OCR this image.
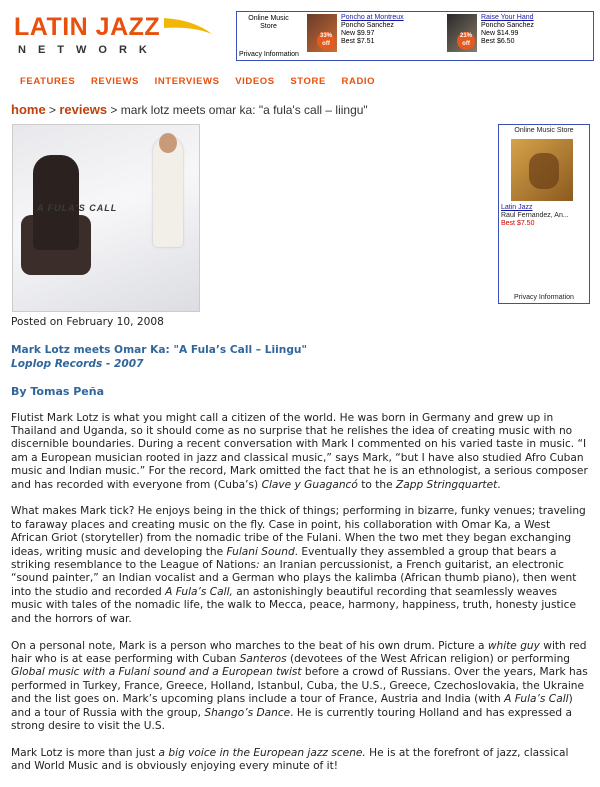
LATIN JAZZ
NETWORK
Online Music Store
33% off
Poncho at Montreux
Poncho Sanchez
New $9.97
Best $7.51
21% off
Raise Your Hand
Poncho Sanchez
New $14.99
Best $6.50
Privacy Information
FEATURES REVIEWS INTERVIEWS VIDEOS STORE RADIO
home > reviews > mark lotz meets omar ka: "a fula's call – liingu"
A FULA'S CALL
Online Music Store
Latin Jazz
Raul Fernandez, An...
Best $7.50
Privacy Information
Posted on February 10, 2008
Mark Lotz meets Omar Ka: "A Fula’s Call – Liingu"
Loplop Records - 2007
By Tomas Peña

Flutist Mark Lotz is what you might call a citizen of the world. He was born in Germany and grew up in Thailand and Uganda, so it should come as no surprise that he relishes the idea of creating music with no discernible boundaries. During a recent conversation with Mark I commented on his varied taste in music. “I am a European musician rooted in jazz and classical music,” says Mark, “but I have also studied Afro Cuban music and Indian music.” For the record, Mark omitted the fact that he is an ethnologist, a serious composer and has recorded with everyone from (Cuba’s) Clave y Guagancó to the Zapp Stringquartet.

What makes Mark tick? He enjoys being in the thick of things; performing in bizarre, funky venues; traveling to faraway places and creating music on the fly. Case in point, his collaboration with Omar Ka, a West African Griot (storyteller) from the nomadic tribe of the Fulani. When the two met they began exchanging ideas, writing music and developing the Fulani Sound. Eventually they assembled a group that bears a striking resemblance to the League of Nations: an Iranian percussionist, a French guitarist, an electronic “sound painter,” an Indian vocalist and a German who plays the kalimba (African thumb piano), then went into the studio and recorded A Fula’s Call, an astonishingly beautiful recording that seamlessly weaves music with tales of the nomadic life, the walk to Mecca, peace, harmony, happiness, truth, honesty justice and the horrors of war.

On a personal note, Mark is a person who marches to the beat of his own drum. Picture a white guy with red hair who is at ease performing with Cuban Santeros (devotees of the West African religion) or performing Global music with a Fulani sound and a European twist before a crowd of Russians. Over the years, Mark has performed in Turkey, France, Greece, Holland, Istanbul, Cuba, the U.S., Greece, Czechoslovakia, the Ukraine and the list goes on. Mark’s upcoming plans include a tour of France, Austria and India (with A Fula’s Call) and a tour of Russia with the group, Shango’s Dance. He is currently touring Holland and has expressed a strong desire to visit the U.S.

Mark Lotz is more than just a big voice in the European jazz scene. He is at the forefront of jazz, classical and World Music and is obviously enjoying every minute of it!
